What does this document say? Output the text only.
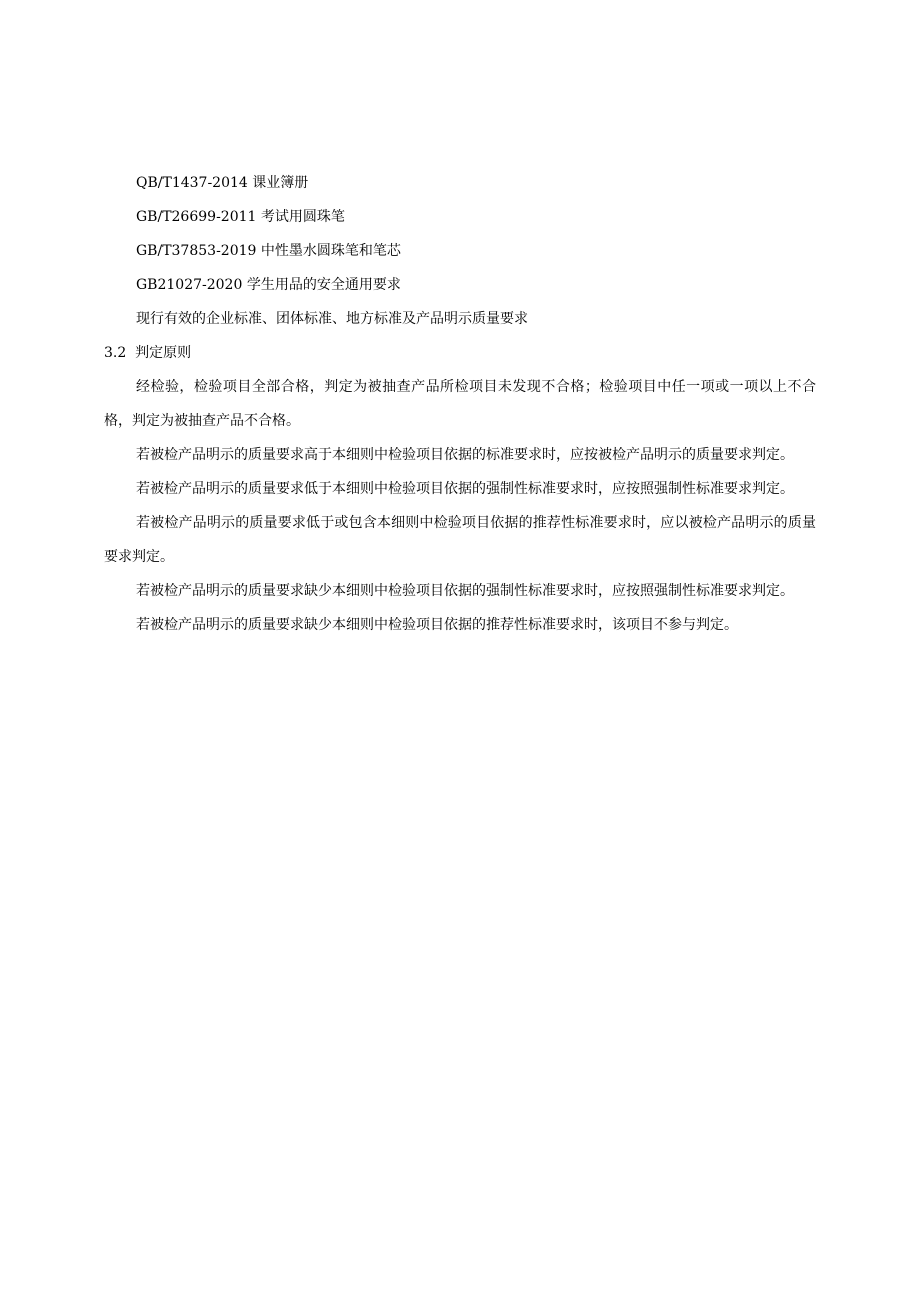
QB/T1437-2014 课业簿册

GB/T26699-2011 考试用圆珠笔

GB/T37853-2019 中性墨水圆珠笔和笔芯

GB21027-2020 学生用品的安全通用要求

现行有效的企业标准、团体标准、地方标准及产品明示质量要求

3.2 判定原则

经检验，检验项目全部合格，判定为被抽查产品所检项目未发现不合格；检验项目中任一项或一项以上不合格，判定为被抽查产品不合格。

若被检产品明示的质量要求高于本细则中检验项目依据的标准要求时，应按被检产品明示的质量要求判定。

若被检产品明示的质量要求低于本细则中检验项目依据的强制性标准要求时，应按照强制性标准要求判定。

若被检产品明示的质量要求低于或包含本细则中检验项目依据的推荐性标准要求时，应以被检产品明示的质量要求判定。

若被检产品明示的质量要求缺少本细则中检验项目依据的强制性标准要求时，应按照强制性标准要求判定。

若被检产品明示的质量要求缺少本细则中检验项目依据的推荐性标准要求时，该项目不参与判定。
